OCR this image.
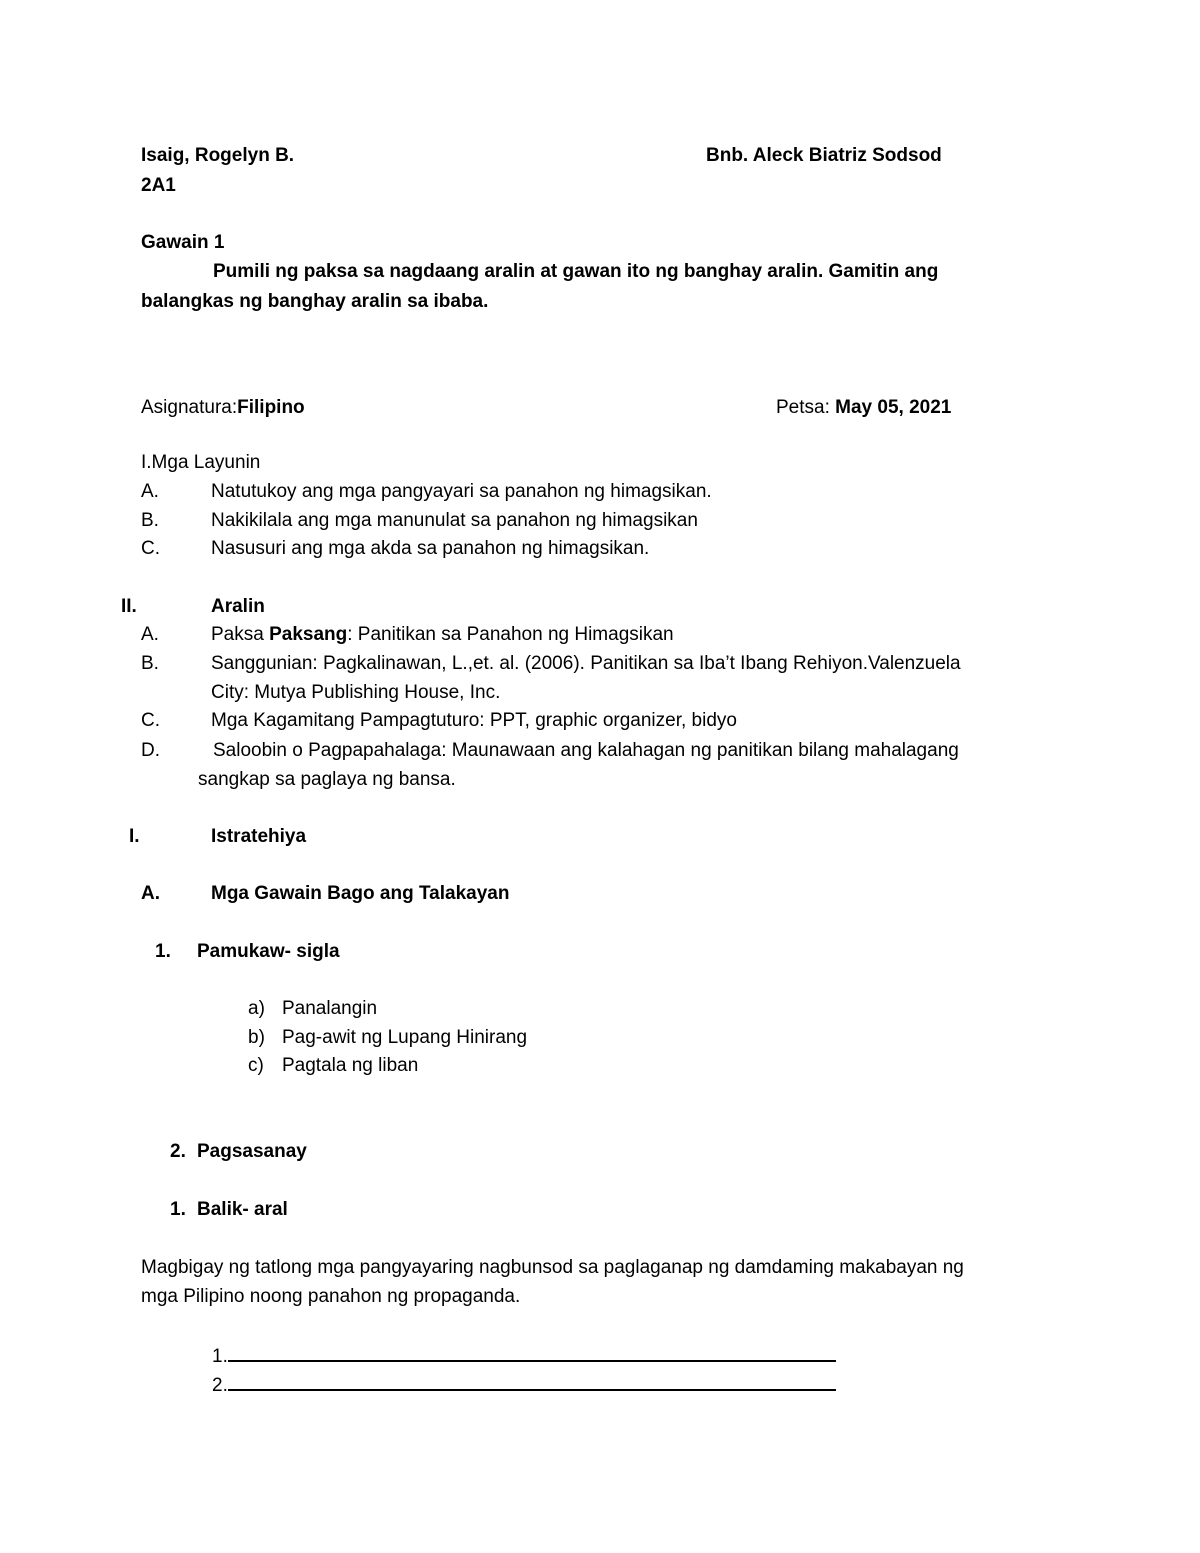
Isaig, Rogelyn B.	Bnb. Aleck Biatriz Sodsod
2A1
Gawain 1
Pumili ng paksa sa nagdaang aralin at gawan ito ng banghay aralin. Gamitin ang
balangkas ng banghay aralin sa ibaba.
Asignatura:Filipino	Petsa: May 05, 2021
I.Mga Layunin
A.	Natutukoy ang mga pangyayari sa panahon ng himagsikan.
B.	Nakikilala ang mga manunulat sa panahon ng himagsikan
C.	Nasusuri ang mga akda sa panahon ng himagsikan.
II.	Aralin
A.	Paksa Paksang: Panitikan sa Panahon ng Himagsikan
B.	Sanggunian: Pagkalinawan, L.,et. al. (2006). Panitikan sa Iba’t Ibang Rehiyon.Valenzuela
City: Mutya Publishing House, Inc.
C.	Mga Kagamitang Pampagtuturo: PPT, graphic organizer, bidyo
D.	Saloobin o Pagpapahalaga: Maunawaan ang kalahagan ng panitikan bilang mahalagang
sangkap sa paglaya ng bansa.
I.	Istratehiya
A.	Mga Gawain Bago ang Talakayan
1. Pamukaw- sigla
a) Panalangin
b) Pag-awit ng Lupang Hinirang
c) Pagtala ng liban
2. Pagsasanay
1. Balik- aral
Magbigay ng tatlong mga pangyayaring nagbunsod sa paglaganap ng damdaming makabayan ng
mga Pilipino noong panahon ng propaganda.
1.
2.
